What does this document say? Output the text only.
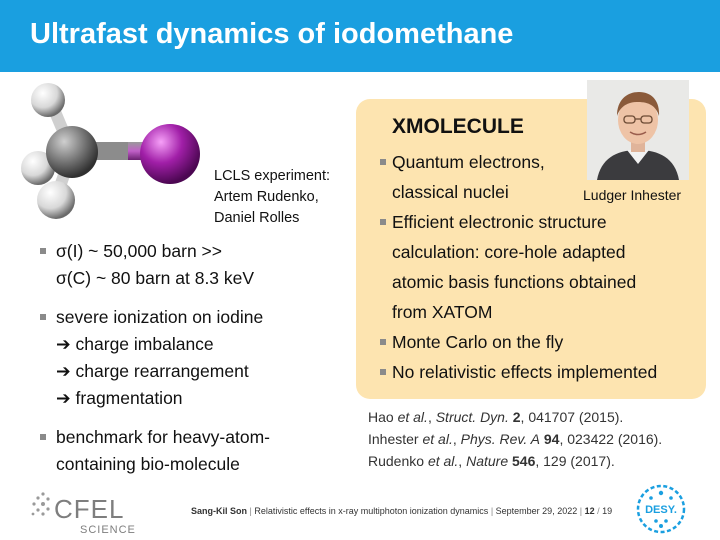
Ultrafast dynamics of iodomethane
LCLS experiment:
Artem Rudenko,
Daniel Rolles
σ(I) ~ 50,000 barn >>
σ(C) ~ 80 barn at 8.3 keV
severe ionization on iodine
➔ charge imbalance
➔ charge rearrangement
➔ fragmentation
benchmark for heavy-atom-
containing bio-molecule
XMOLECULE
Quantum electrons,
classical nuclei
Efficient electronic structure
calculation: core-hole adapted
atomic basis functions obtained
from XATOM
Monte Carlo on the fly
No relativistic effects implemented
Ludger Inhester
Hao et al., Struct. Dyn. 2, 041707 (2015).
Inhester et al., Phys. Rev. A 94, 023422 (2016).
Rudenko et al., Nature 546, 129 (2017).
CFEL
SCIENCE
Sang-Kil Son | Relativistic effects in x-ray multiphoton ionization dynamics | September 29, 2022 | 12 / 19	DESY.
